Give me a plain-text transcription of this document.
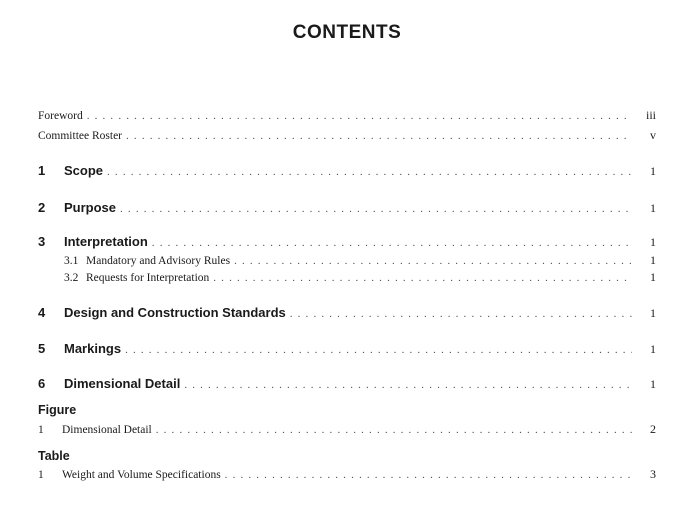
CONTENTS
Foreword . . .	iii
Committee Roster . . .	v
1 Scope . . .	1
2 Purpose . . .	1
3 Interpretation . . .	1
3.1 Mandatory and Advisory Rules . . .	1
3.2 Requests for Interpretation . . .	1
4 Design and Construction Standards . . .	1
5 Markings . . .	1
6 Dimensional Detail . . .	1
Figure
1 Dimensional Detail . . .	2
Table
1 Weight and Volume Specifications . . .	3
